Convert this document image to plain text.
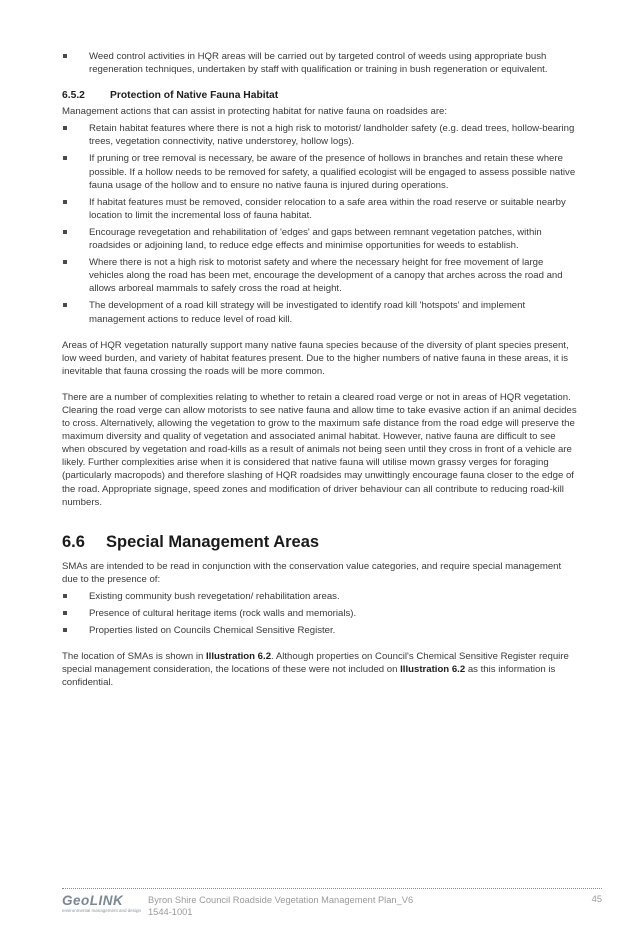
Weed control activities in HQR areas will be carried out by targeted control of weeds using appropriate bush regeneration techniques, undertaken by staff with qualification or training in bush regeneration or equivalent.
6.5.2	Protection of Native Fauna Habitat

Management actions that can assist in protecting habitat for native fauna on roadsides are:

Retain habitat features where there is not a high risk to motorist/ landholder safety (e.g. dead trees, hollow-bearing trees, vegetation connectivity, native understorey, hollow logs).
If pruning or tree removal is necessary, be aware of the presence of hollows in branches and retain these where possible. If a hollow needs to be removed for safety, a qualified ecologist will be engaged to assess possible native fauna usage of the hollow and to ensure no native fauna is injured during operations.
If habitat features must be removed, consider relocation to a safe area within the road reserve or suitable nearby location to limit the incremental loss of fauna habitat.
Encourage revegetation and rehabilitation of 'edges' and gaps between remnant vegetation patches, within roadsides or adjoining land, to reduce edge effects and minimise opportunities for weeds to establish.
Where there is not a high risk to motorist safety and where the necessary height for free movement of large vehicles along the road has been met, encourage the development of a canopy that arches across the road and allows arboreal mammals to safely cross the road at height.
The development of a road kill strategy will be investigated to identify road kill 'hotspots' and implement management actions to reduce level of road kill.

Areas of HQR vegetation naturally support many native fauna species because of the diversity of plant species present, low weed burden, and variety of habitat features present. Due to the higher numbers of native fauna in these areas, it is inevitable that fauna crossing the roads will be more common.

There are a number of complexities relating to whether to retain a cleared road verge or not in areas of HQR vegetation. Clearing the road verge can allow motorists to see native fauna and allow time to take evasive action if an animal decides to cross. Alternatively, allowing the vegetation to grow to the maximum safe distance from the road edge will preserve the maximum diversity and quality of vegetation and associated animal habitat. However, native fauna are difficult to see when obscured by vegetation and road-kills as a result of animals not being seen until they cross in front of a vehicle are likely. Further complexities arise when it is considered that native fauna will utilise mown grassy verges for foraging (particularly macropods) and therefore slashing of HQR roadsides may unwittingly encourage fauna closer to the edge of the road. Appropriate signage, speed zones and modification of driver behaviour can all contribute to reducing road-kill numbers.

6.6	Special Management Areas

SMAs are intended to be read in conjunction with the conservation value categories, and require special management due to the presence of:

Existing community bush revegetation/ rehabilitation areas.
Presence of cultural heritage items (rock walls and memorials).
Properties listed on Councils Chemical Sensitive Register.

The location of SMAs is shown in Illustration 6.2. Although properties on Council's Chemical Sensitive Register require special management consideration, the locations of these were not included on Illustration 6.2 as this information is confidential.

GeoLINK
environmental management and design
Byron Shire Council Roadside Vegetation Management Plan_V6
1544-1001
45
